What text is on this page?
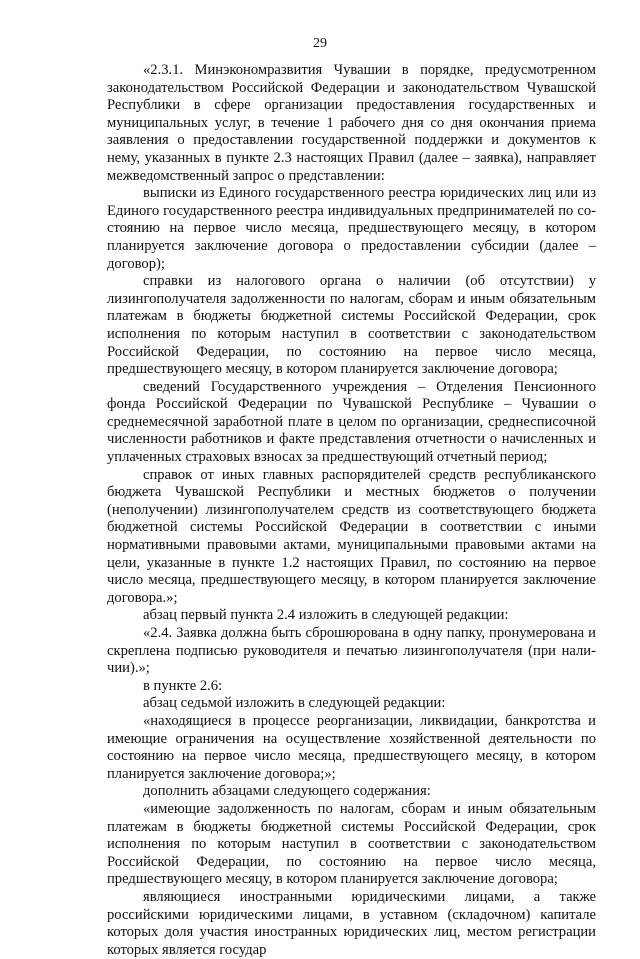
29

«2.3.1. Минэкономразвития Чувашии в порядке, предусмотренном законодательством Российской Федерации и законодательством Чувашской Республики в сфере организации предоставления государственных и муниципальных услуг, в течение 1 рабочего дня со дня окончания приема заявления о предоставлении государственной поддержки и документов к нему, указанных в пункте 2.3 настоящих Правил (далее – заявка), направляет межведомственный запрос о представлении:

выписки из Единого государственного реестра юридических лиц или из Единого государственного реестра индивидуальных предпринимателей по состоянию на первое число месяца, предшествующего месяцу, в котором планируется заключение договора о предоставлении субсидии (далее – договор);

справки из налогового органа о наличии (об отсутствии) у лизингополучателя задолженности по налогам, сборам и иным обязательным платежам в бюджеты бюджетной системы Российской Федерации, срок исполнения по которым наступил в соответствии с законодательством Российской Федерации, по состоянию на первое число месяца, предшествующего месяцу, в котором планируется заключение договора;

сведений Государственного учреждения – Отделения Пенсионного фонда Российской Федерации по Чувашской Республике – Чувашии о среднемесячной заработной плате в целом по организации, среднесписочной численности работников и факте представления отчетности о начисленных и уплаченных страховых взносах за предшествующий отчетный период;

справок от иных главных распорядителей средств республиканского бюджета Чувашской Республики и местных бюджетов о получении (неполучении) лизингополучателем средств из соответствующего бюджета бюджетной системы Российской Федерации в соответствии с иными нормативными правовыми актами, муниципальными правовыми актами на цели, указанные в пункте 1.2 настоящих Правил, по состоянию на первое число месяца, предшествующего месяцу, в котором планируется заключение договора.»;

абзац первый пункта 2.4 изложить в следующей редакции:

«2.4. Заявка должна быть сброшюрована в одну папку, пронумерована и скреплена подписью руководителя и печатью лизингополучателя (при наличии).»;

в пункте 2.6:

абзац седьмой изложить в следующей редакции:

«находящиеся в процессе реорганизации, ликвидации, банкротства и имеющие ограничения на осуществление хозяйственной деятельности по состоянию на первое число месяца, предшествующего месяцу, в котором планируется заключение договора;»;

дополнить абзацами следующего содержания:

«имеющие задолженность по налогам, сборам и иным обязательным платежам в бюджеты бюджетной системы Российской Федерации, срок исполнения по которым наступил в соответствии с законодательством Российской Федерации, по состоянию на первое число месяца, предшествующего месяцу, в котором планируется заключение договора;

являющиеся иностранными юридическими лицами, а также российскими юридическими лицами, в уставном (складочном) капитале которых доля участия иностранных юридических лиц, местом регистрации которых является государ
